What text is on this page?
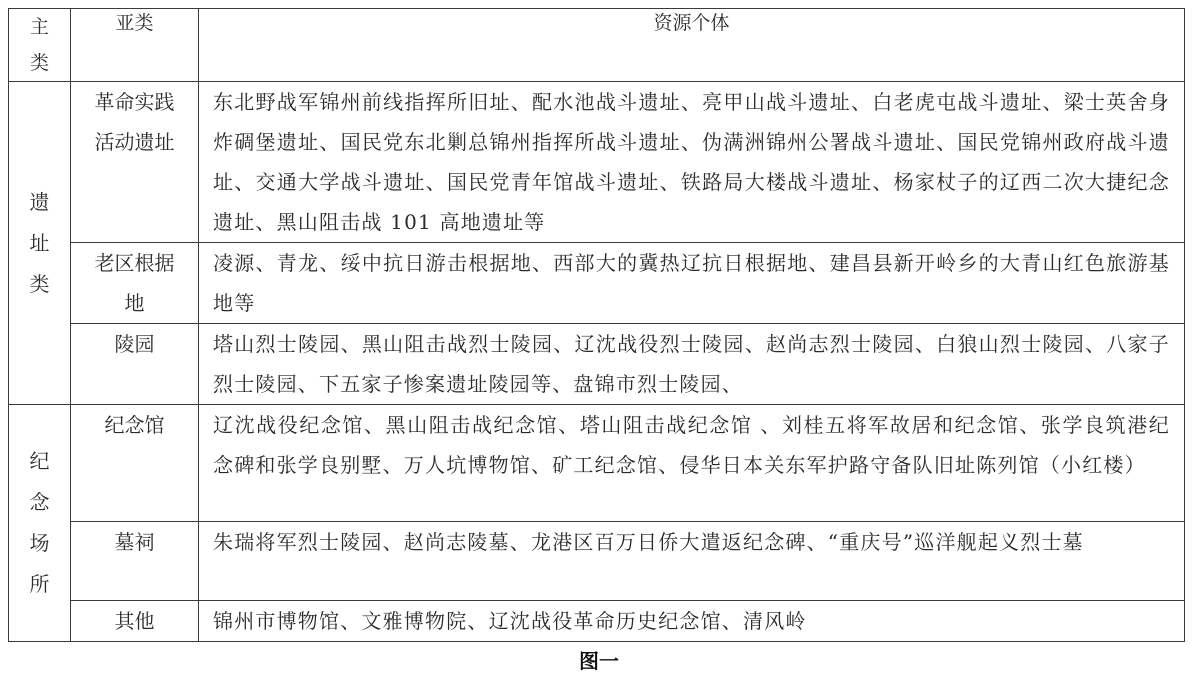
主类	亚类	资源个体

遗址类	革命实践活动遗址	东北野战军锦州前线指挥所旧址、配水池战斗遗址、亮甲山战斗遗址、白老虎屯战斗遗址、梁士英舍身炸碉堡遗址、国民党东北剿总锦州指挥所战斗遗址、伪满洲锦州公署战斗遗址、国民党锦州政府战斗遗址、交通大学战斗遗址、国民党青年馆战斗遗址、铁路局大楼战斗遗址、杨家杖子的辽西二次大捷纪念遗址、黑山阻击战 101 高地遗址等

	老区根据地	凌源、青龙、绥中抗日游击根据地、西部大的冀热辽抗日根据地、建昌县新开岭乡的大青山红色旅游基地等

	陵园	塔山烈士陵园、黑山阻击战烈士陵园、辽沈战役烈士陵园、赵尚志烈士陵园、白狼山烈士陵园、八家子烈士陵园、下五家子惨案遗址陵园等、盘锦市烈士陵园、

纪念场所	纪念馆	辽沈战役纪念馆、黑山阻击战纪念馆、塔山阻击战纪念馆 、刘桂五将军故居和纪念馆、张学良筑港纪念碑和张学良别墅、万人坑博物馆、矿工纪念馆、侵华日本关东军护路守备队旧址陈列馆（小红楼）

	墓祠	朱瑞将军烈士陵园、赵尚志陵墓、龙港区百万日侨大遣返纪念碑、“重庆号”巡洋舰起义烈士墓

	其他	锦州市博物馆、文雅博物院、辽沈战役革命历史纪念馆、清风岭
图一
